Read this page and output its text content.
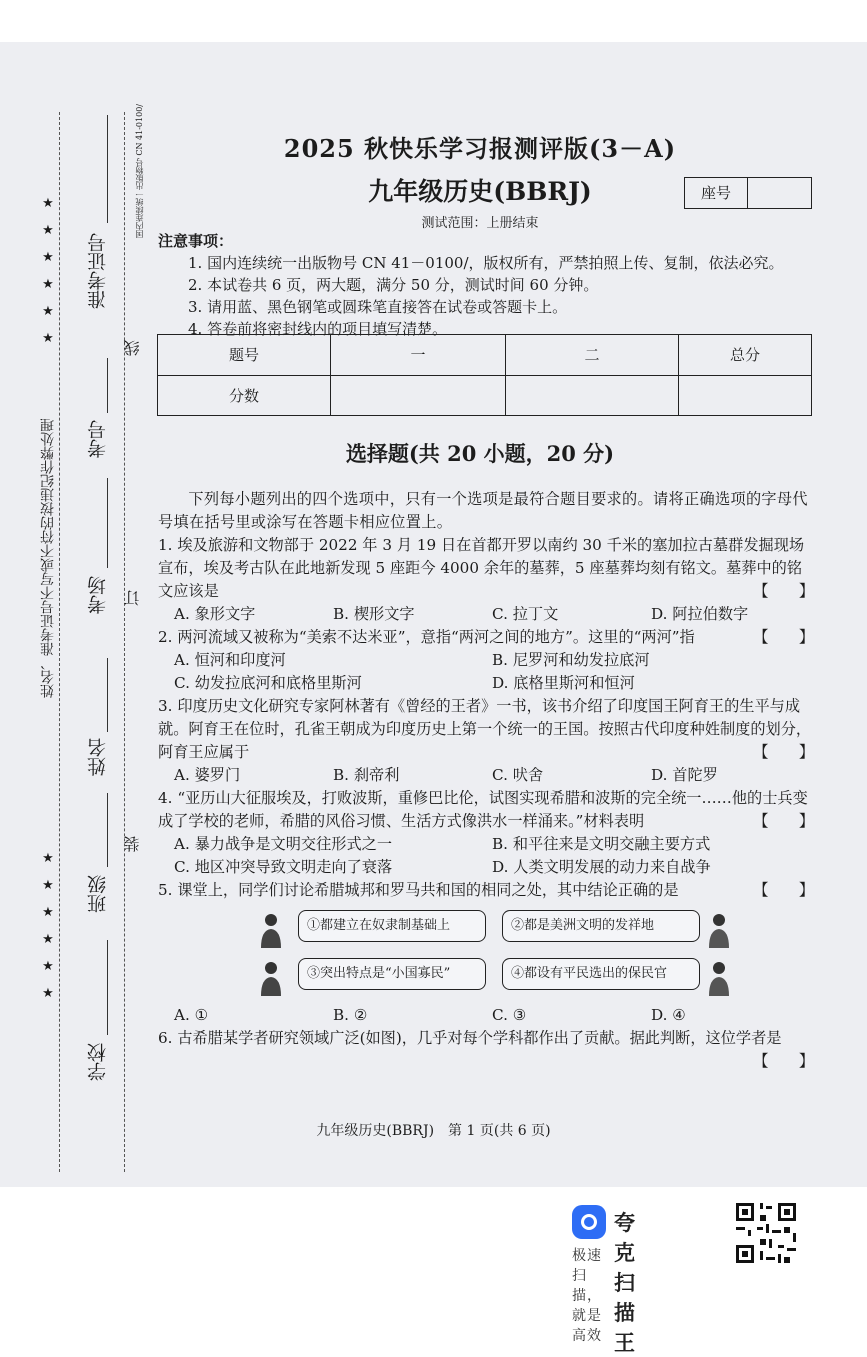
★
★
★
★
★
★
★
★
★
★
★
★
姓名、准考证号不写或不符的按违纪作弊处理
准考证号
考号
考场
姓名
班级
学校
线
订
装
国内连续统一出版物号 CN 41-0100/	2025 秋快乐学习报测评版(3－A)
九年级历史(BBRJ)	座号
测试范围：上册结束
注意事项：
1. 国内连续统一出版物号 CN 41－0100/，版权所有，严禁拍照上传、复制，依法必究。
2. 本试卷共 6 页，两大题，满分 50 分，测试时间 60 分钟。
3. 请用蓝、黑色钢笔或圆珠笔直接答在试卷或答题卡上。
4. 答卷前将密封线内的项目填写清楚。
题号	一	二	总分
分数			
选择题(共 20 小题，20 分)

下列每小题列出的四个选项中，只有一个选项是最符合题目要求的。请将正确选项的字母代号填在括号里或涂写在答题卡相应位置上。

1. 埃及旅游和文物部于 2022 年 3 月 19 日在首都开罗以南约 30 千米的塞加拉古墓群发掘现场宣布，埃及考古队在此地新发现 5 座距今 4000 余年的墓葬，5 座墓葬均刻有铭文。墓葬中的铭文应该是	【　　】

A. 象形文字	B. 楔形文字	C. 拉丁文	D. 阿拉伯数字

2. 两河流域又被称为“美索不达米亚”，意指“两河之间的地方”。这里的“两河”指	【　　】

A. 恒河和印度河	B. 尼罗河和幼发拉底河
C. 幼发拉底河和底格里斯河	D. 底格里斯河和恒河

3. 印度历史文化研究专家阿林著有《曾经的王者》一书，该书介绍了印度国王阿育王的生平与成就。阿育王在位时，孔雀王朝成为印度历史上第一个统一的王国。按照古代印度种姓制度的划分，阿育王应属于	【　　】

A. 婆罗门	B. 刹帝利	C. 吠舍	D. 首陀罗

4. “亚历山大征服埃及，打败波斯，重修巴比伦，试图实现希腊和波斯的完全统一……他的士兵变成了学校的老师，希腊的风俗习惯、生活方式像洪水一样涌来。”材料表明	【　　】

A. 暴力战争是文明交往形式之一	B. 和平往来是文明交融主要方式
C. 地区冲突导致文明走向了衰落	D. 人类文明发展的动力来自战争

5. 课堂上，同学们讨论希腊城邦和罗马共和国的相同之处，其中结论正确的是	【　　】

①都建立在奴隶制基础上	②都是美洲文明的发祥地
③突出特点是“小国寡民”	④都设有平民选出的保民官
A. ①	B. ②	C. ③	D. ④

6. 古希腊某学者研究领域广泛(如图)，几乎对每个学科都作出了贡献。据此判断，这位学者是
【　　】

九年级历史(BBRJ)　第 1 页(共 6 页)
夸克扫描王
极速扫描，就是高效
